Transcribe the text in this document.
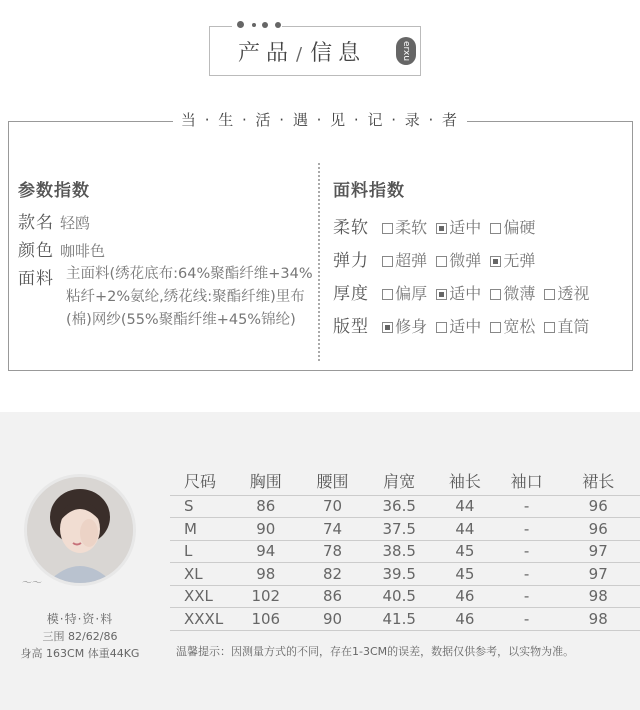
产品 /信息	erxu
当 · 生 · 活 · 遇 · 见 · 记 · 录 · 者
参数指数
款名 轻鸥
颜色 咖啡色
面料 主面料(绣花底布:64%聚酯纤维+34%粘纤+2%氨纶,绣花线:聚酯纤维)里布(棉)网纱(55%聚酯纤维+45%锦纶)
面料指数
柔软 柔软 适中 偏硬
弹力 超弹 微弹 无弹
厚度 偏厚 适中 微薄 透视
版型 修身 适中 宽松 直筒
～～
模·特·资·料
三围 82/62/86
身高 163CM 体重44KG
尺码	胸围	腰围	肩宽	袖长	袖口	裙长
S	86	70	36.5	44	-	96
M	90	74	37.5	44	-	96
L	94	78	38.5	45	-	97
XL	98	82	39.5	45	-	97
XXL	102	86	40.5	46	-	98
XXXL	106	90	41.5	46	-	98
温馨提示：因测量方式的不同，存在1-3CM的误差，数据仅供参考，以实物为准。
